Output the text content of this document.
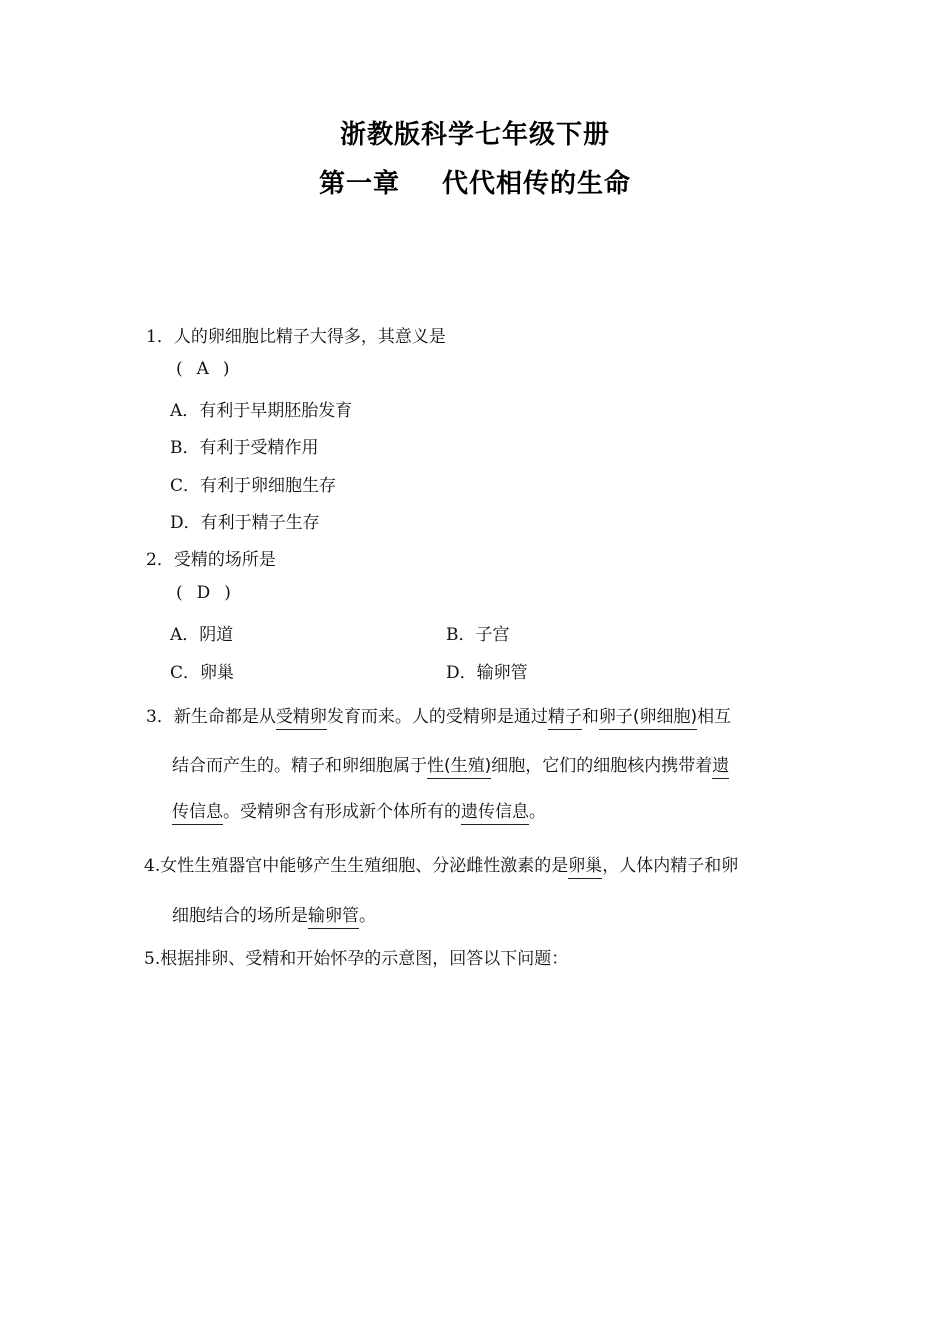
浙教版科学七年级下册
第一章 代代相传的生命
1．人的卵细胞比精子大得多，其意义是
( A )
A．有利于早期胚胎发育
B．有利于受精作用
C．有利于卵细胞生存
D．有利于精子生存
2．受精的场所是
( D )
A．阴道	B．子宫
C．卵巢	D．输卵管
3．新生命都是从受精卵发育而来。人的受精卵是通过精子和卵子(卵细胞)相互
结合而产生的。精子和卵细胞属于性(生殖)细胞，它们的细胞核内携带着遗
传信息。受精卵含有形成新个体所有的遗传信息。
4.女性生殖器官中能够产生生殖细胞、分泌雌性激素的是卵巢，人体内精子和卵
细胞结合的场所是输卵管。
5.根据排卵、受精和开始怀孕的示意图，回答以下问题：
